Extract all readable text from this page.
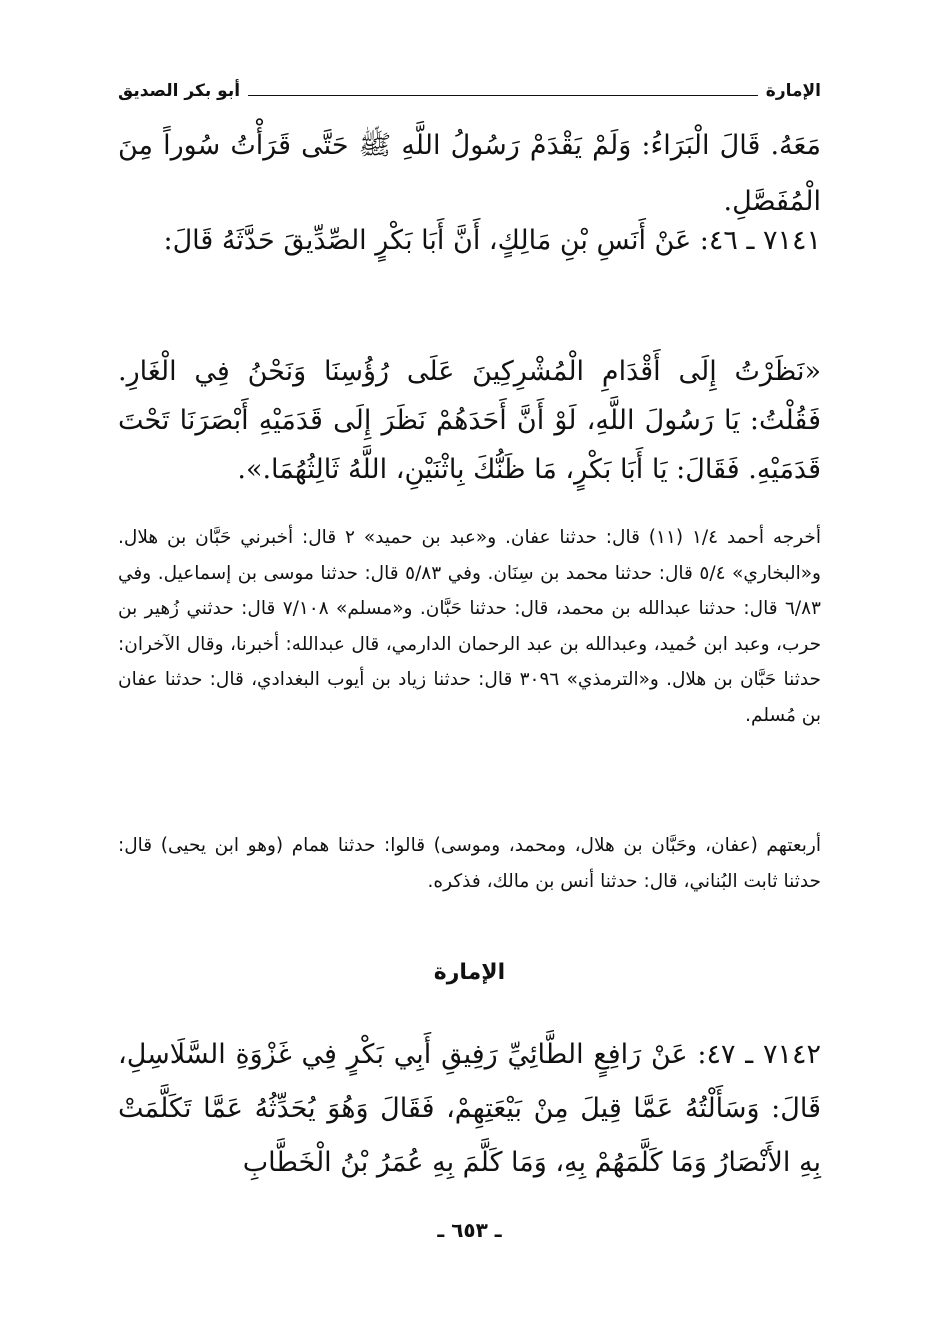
الإمارة
أبو بكر الصديق

مَعَهُ. قَالَ الْبَرَاءُ: وَلَمْ يَقْدَمْ رَسُولُ اللَّهِ ﷺ حَتَّى قَرَأْتُ سُوراً مِنَ الْمُفَصَّلِ.

٧١٤١ ـ ٤٦: عَنْ أَنَسِ بْنِ مَالِكٍ، أَنَّ أَبَا بَكْرٍ الصِّدِّيقَ حَدَّثَهُ قَالَ:

«نَظَرْتُ إِلَى أَقْدَامِ الْمُشْرِكِينَ عَلَى رُؤُسِنَا وَنَحْنُ فِي الْغَارِ. فَقُلْتُ: يَا رَسُولَ اللَّهِ، لَوْ أَنَّ أَحَدَهُمْ نَظَرَ إِلَى قَدَمَيْهِ أَبْصَرَنَا تَحْتَ قَدَمَيْهِ. فَقَالَ: يَا أَبَا بَكْرٍ، مَا ظَنُّكَ بِاثْنَيْنِ، اللَّهُ ثَالِثُهُمَا.».

أخرجه أحمد ١/٤ (١١) قال: حدثنا عفان. و«عبد بن حميد» ٢ قال: أخبرني حَبَّان بن هلال. و«البخاري» ٥/٤ قال: حدثنا محمد بن سِنَان. وفي ٥/٨٣ قال: حدثنا موسى بن إسماعيل. وفي ٦/٨٣ قال: حدثنا عبدالله بن محمد، قال: حدثنا حَبَّان. و«مسلم» ٧/١٠٨ قال: حدثني زُهير بن حرب، وعبد ابن حُميد، وعبدالله بن عبد الرحمان الدارمي، قال عبدالله: أخبرنا، وقال الآخران: حدثنا حَبَّان بن هلال. و«الترمذي» ٣٠٩٦ قال: حدثنا زياد بن أيوب البغدادي، قال: حدثنا عفان بن مُسلم.

أربعتهم (عفان، وحَبَّان بن هلال، ومحمد، وموسى) قالوا: حدثنا همام (وهو ابن يحيى) قال: حدثنا ثابت البُناني، قال: حدثنا أنس بن مالك، فذكره.

الإمارة

٧١٤٢ ـ ٤٧: عَنْ رَافِعٍ الطَّائِيِّ رَفِيقِ أَبِي بَكْرٍ فِي غَزْوَةِ السَّلَاسِلِ، قَالَ: وَسَأَلْتُهُ عَمَّا قِيلَ مِنْ بَيْعَتِهِمْ، فَقَالَ وَهُوَ يُحَدِّثُهُ عَمَّا تَكَلَّمَتْ بِهِ الأَنْصَارُ وَمَا كَلَّمَهُمْ بِهِ، وَمَا كَلَّمَ بِهِ عُمَرُ بْنُ الْخَطَّابِ

ـ ٦٥٣ ـ
